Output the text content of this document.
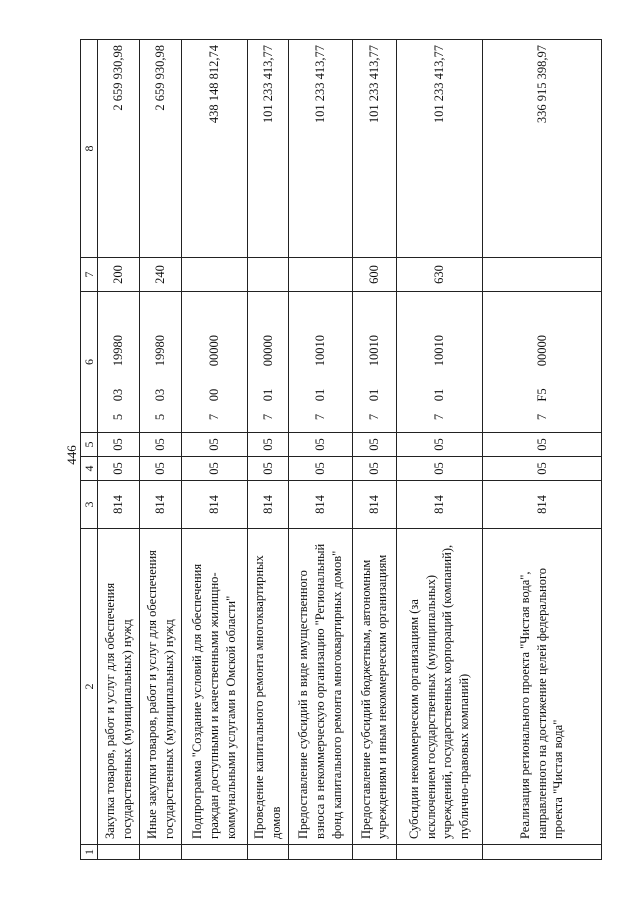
446
1	2	3	4	5	6	7	8
	Закупка товаров, работ и услуг для обеспечения государственных (муниципальных) нужд	814	05	05	50319980	200	2 659 930,98
	Иные закупки товаров, работ и услуг для обеспечения государственных (муниципальных) нужд	814	05	05	50319980	240	2 659 930,98
	Подпрограмма "Создание условий для обеспечения граждан доступными и качественными жилищно-коммунальными услугами в Омской области"	814	05	05	70000000		438 148 812,74
	Проведение капитального ремонта многоквартирных домов	814	05	05	70100000		101 233 413,77
	Предоставление субсидий в виде имущественного взноса в некоммерческую организацию "Региональный фонд капитального ремонта многоквартирных домов"	814	05	05	70110010		101 233 413,77
	Предоставление субсидий бюджетным, автономным учреждениям и иным некоммерческим организациям	814	05	05	70110010	600	101 233 413,77
	Субсидии некоммерческим организациям (за исключением государственных (муниципальных) учреждений, государственных корпораций (компаний), публично-правовых компаний)	814	05	05	70110010	630	101 233 413,77
	Реализация регионального проекта "Чистая вода", направленного на достижение целей федерального проекта "Чистая вода"	814	05	05	7F500000		336 915 398,97
